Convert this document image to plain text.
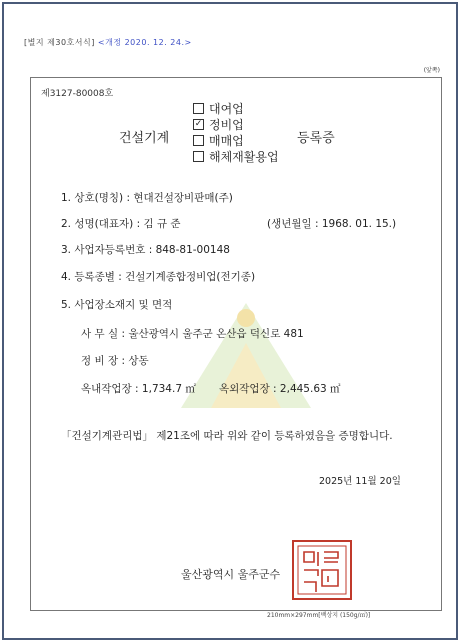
[별지 제30호서식] <개정 2020. 12. 24.>
(앞쪽)
제3127-80008호
건설기계	등록증
대여업
✓ 정비업
매매업
해체재활용업
1. 상호(명칭) : 현대건설장비판매(주)
2. 성명(대표자) : 김 규 준	(생년월일 : 1968. 01. 15.)
3. 사업자등록번호 : 848-81-00148
4. 등록종별 : 건설기계종합정비업(전기종)
5. 사업장소재지 및 면적
사 무 실 : 울산광역시 울주군 온산읍 덕신로 481
정 비 장 : 상동
옥내작업장 : 1,734.7 ㎡ 옥외작업장 : 2,445.63 ㎡
「건설기계관리법」 제21조에 따라 위와 같이 등록하였음을 증명합니다.
2025년 11월 20일
울산광역시 울주군수
210mm×297mm[백상지 (150g/㎡)]
